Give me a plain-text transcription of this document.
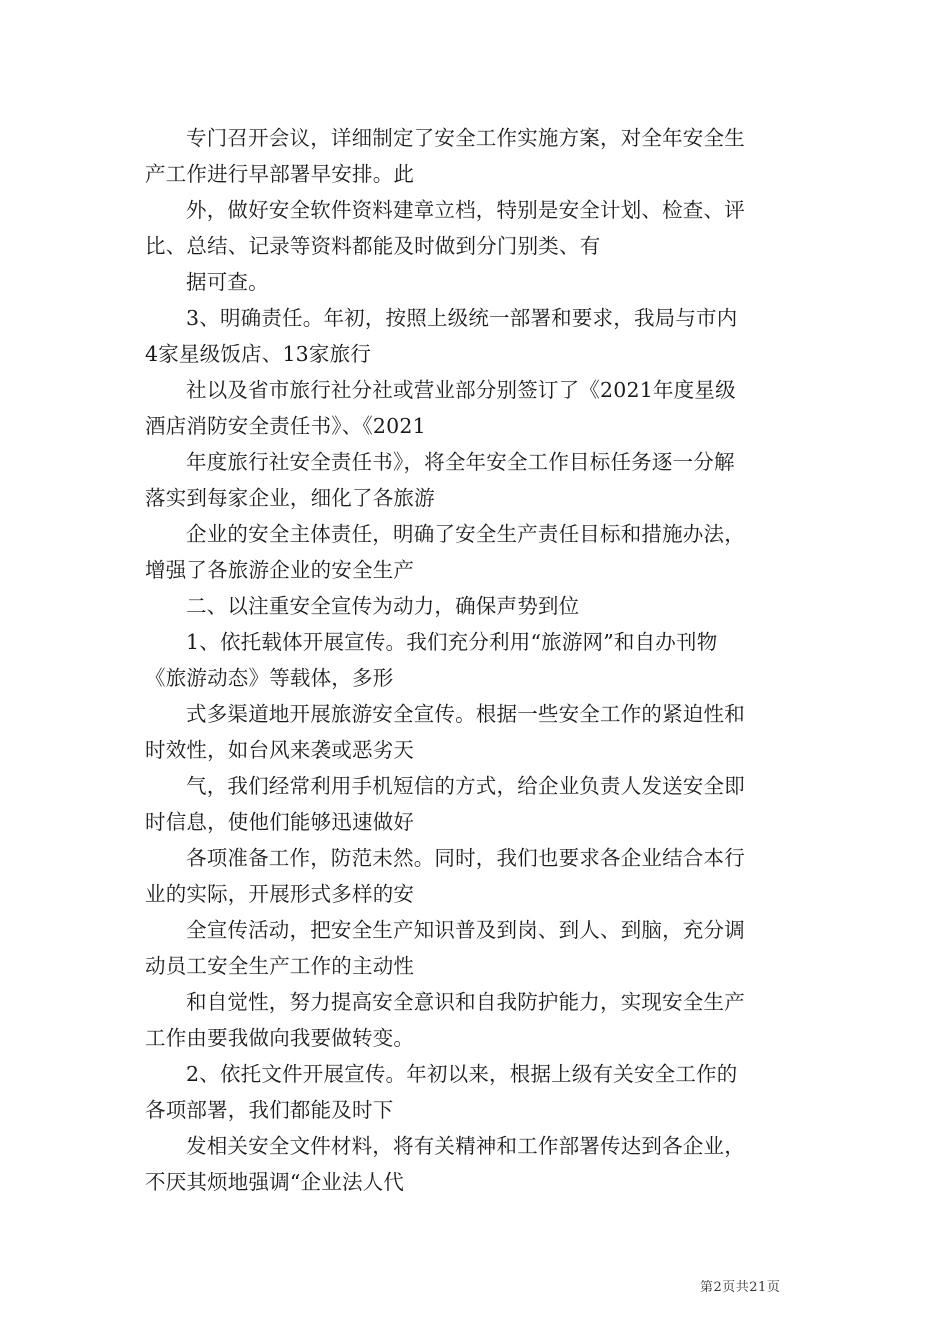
专门召开会议，详细制定了安全工作实施方案，对全年安全生
产工作进行早部署早安排。此

外，做好安全软件资料建章立档，特别是安全计划、检查、评
比、总结、记录等资料都能及时做到分门别类、有

据可查。

3、明确责任。年初，按照上级统一部署和要求，我局与市内
4家星级饭店、13家旅行

社以及省市旅行社分社或营业部分别签订了《2021年度星级
酒店消防安全责任书》、《2021

年度旅行社安全责任书》，将全年安全工作目标任务逐一分解
落实到每家企业，细化了各旅游

企业的安全主体责任，明确了安全生产责任目标和措施办法，
增强了各旅游企业的安全生产

二、以注重安全宣传为动力，确保声势到位

1、依托载体开展宣传。我们充分利用“旅游网”和自办刊物
《旅游动态》等载体，多形

式多渠道地开展旅游安全宣传。根据一些安全工作的紧迫性和
时效性，如台风来袭或恶劣天

气，我们经常利用手机短信的方式，给企业负责人发送安全即
时信息，使他们能够迅速做好

各项准备工作，防范未然。同时，我们也要求各企业结合本行
业的实际，开展形式多样的安

全宣传活动，把安全生产知识普及到岗、到人、到脑，充分调
动员工安全生产工作的主动性

和自觉性，努力提高安全意识和自我防护能力，实现安全生产
工作由要我做向我要做转变。

2、依托文件开展宣传。年初以来，根据上级有关安全工作的
各项部署，我们都能及时下

发相关安全文件材料，将有关精神和工作部署传达到各企业，
不厌其烦地强调“企业法人代

第2页共21页
